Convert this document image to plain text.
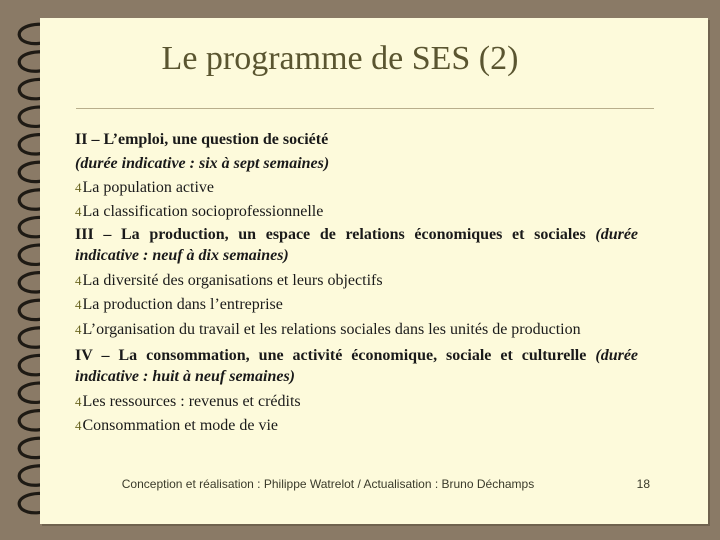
Le programme de SES (2)

II – L’emploi, une question de société

(durée indicative : six à sept semaines)

4La population active

4La classification socioprofessionnelle

III – La production, un espace de relations économiques et sociales (durée indicative : neuf à dix semaines)

4La diversité des organisations et leurs objectifs

4La production dans l’entreprise

4L’organisation du travail et les relations sociales dans les unités de production

IV – La consommation, une activité économique, sociale et culturelle (durée indicative : huit à neuf semaines)

4Les ressources : revenus et crédits

4Consommation et mode de vie

Conception et réalisation : Philippe Watrelot / Actualisation : Bruno Déchamps	18
